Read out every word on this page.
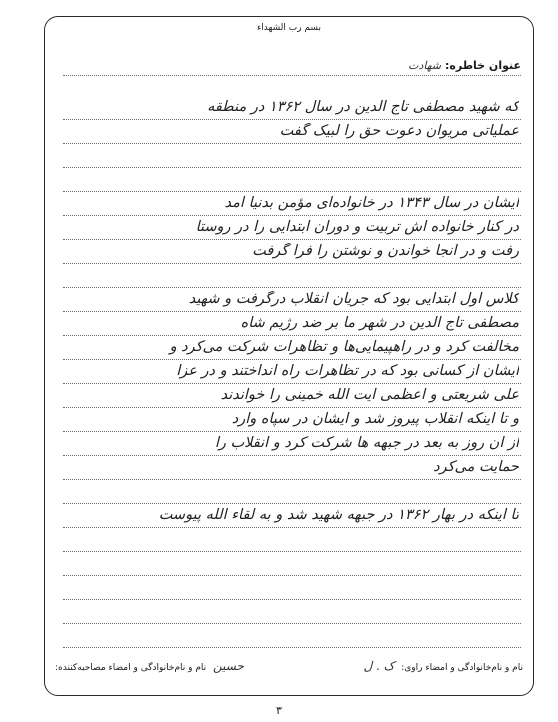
بسم رب الشهداء
عنوان خاطره:
شهادت
که شهید مصطفی تاج الدین در سال ۱۳۶۲ در منطقه
عملیاتی مریوان دعوت حق را لبیک گفت
ایشان در سال ۱۳۴۳ در خانواده‌ای مؤمن بدنیا آمد
در کنار خانواده اش تربیت و دوران ابتدایی را در روستا
رفت و در آنجا خواندن و نوشتن را فرا گرفت
کلاس اول ابتدایی بود که جریان انقلاب درگرفت و شهید
مصطفی تاج الدین در شهر ما بر ضد رژیم شاه
مخالفت کرد و در راهپیمایی‌ها و تظاهرات شرکت می‌کرد و
ایشان از کسانی بود که در تظاهرات راه انداختند و در عزا
علی شریعتی و اعظمی آیت الله خمینی را خواندند
و تا اینکه انقلاب پیروز شد و ایشان در سپاه وارد
از آن روز به بعد در جبهه ها شرکت کرد و انقلاب را
حمایت می‌کرد
تا اینکه در بهار ۱۳۶۲ در جبهه شهید شد و به لقاء الله پیوست
نام و نام‌خانوادگی و امضاء راوی: ک . ل
حسین نام و نام‌خانوادگی و امضاء مصاحبه‌کننده:
۳
